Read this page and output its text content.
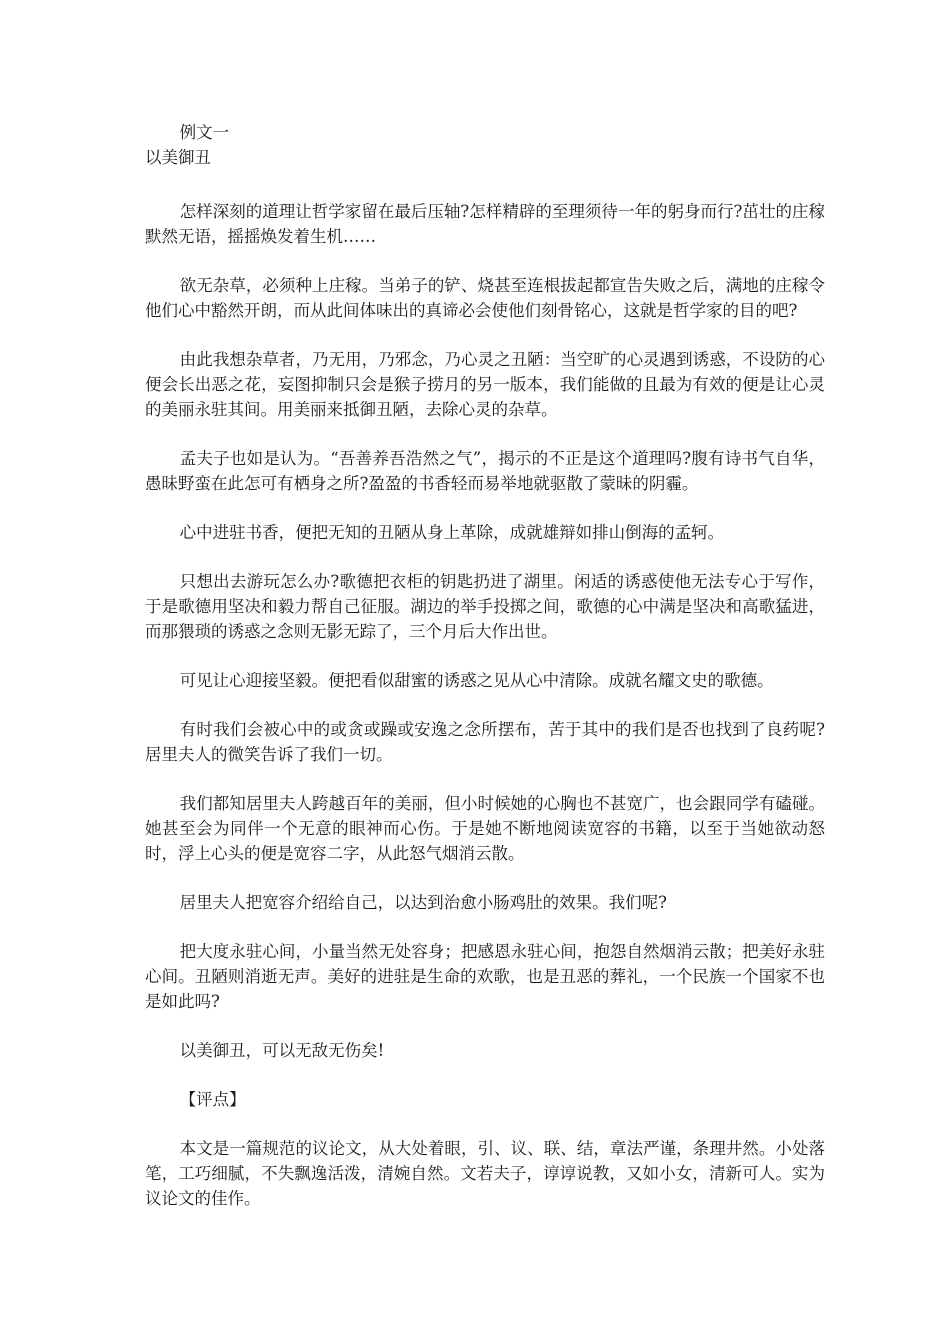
例文一

以美御丑

怎样深刻的道理让哲学家留在最后压轴?怎样精辟的至理须待一年的躬身而行?茁壮的庄稼默然无语，摇摇焕发着生机……

欲无杂草，必须种上庄稼。当弟子的铲、烧甚至连根拔起都宣告失败之后，满地的庄稼令他们心中豁然开朗，而从此间体味出的真谛必会使他们刻骨铭心，这就是哲学家的目的吧?

由此我想杂草者，乃无用，乃邪念，乃心灵之丑陋：当空旷的心灵遇到诱惑，不设防的心便会长出恶之花，妄图抑制只会是猴子捞月的另一版本，我们能做的且最为有效的便是让心灵的美丽永驻其间。用美丽来抵御丑陋，去除心灵的杂草。

孟夫子也如是认为。“吾善养吾浩然之气”，揭示的不正是这个道理吗?腹有诗书气自华，愚昧野蛮在此怎可有栖身之所?盈盈的书香轻而易举地就驱散了蒙昧的阴霾。

心中进驻书香，便把无知的丑陋从身上革除，成就雄辩如排山倒海的孟轲。

只想出去游玩怎么办?歌德把衣柜的钥匙扔进了湖里。闲适的诱惑使他无法专心于写作，于是歌德用坚决和毅力帮自己征服。湖边的举手投掷之间，歌德的心中满是坚决和高歌猛进，而那猥琐的诱惑之念则无影无踪了，三个月后大作出世。

可见让心迎接坚毅。便把看似甜蜜的诱惑之见从心中清除。成就名耀文史的歌德。

有时我们会被心中的或贪或躁或安逸之念所摆布，苦于其中的我们是否也找到了良药呢?居里夫人的微笑告诉了我们一切。

我们都知居里夫人跨越百年的美丽，但小时候她的心胸也不甚宽广，也会跟同学有磕碰。她甚至会为同伴一个无意的眼神而心伤。于是她不断地阅读宽容的书籍，以至于当她欲动怒时，浮上心头的便是宽容二字，从此怒气烟消云散。

居里夫人把宽容介绍给自己，以达到治愈小肠鸡肚的效果。我们呢?

把大度永驻心间，小量当然无处容身；把感恩永驻心间，抱怨自然烟消云散；把美好永驻心间。丑陋则消逝无声。美好的进驻是生命的欢歌，也是丑恶的葬礼，一个民族一个国家不也是如此吗?

以美御丑，可以无敌无伤矣!

【评点】

本文是一篇规范的议论文，从大处着眼，引、议、联、结，章法严谨，条理井然。小处落笔，工巧细腻，不失飘逸活泼，清婉自然。文若夫子，谆谆说教，又如小女，清新可人。实为议论文的佳作。
